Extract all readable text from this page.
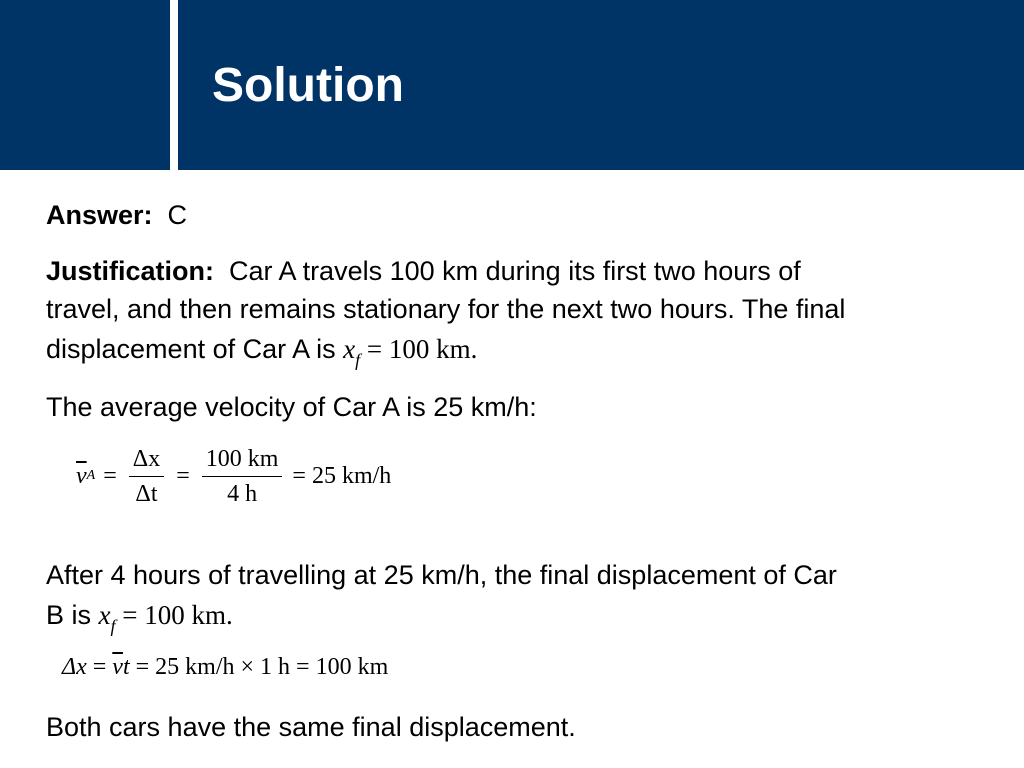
Solution
Answer: C
Justification: Car A travels 100 km during its first two hours of
travel, and then remains stationary for the next two hours. The final
displacement of Car A is $x_f = 100$ km.
The average velocity of Car A is 25 km/h:
$\overline{v}$ $A = \frac{\Delta x}{\Delta t} = \frac{100 km}{4 h} = 25$ km/h
After 4 hours of travelling at 25 km/h, the final displacement of Car
B is $x_f = 100$ km.
$\Delta x = \overline{v}t = 25$ km/h × 1 h = 100 km
Both cars have the same final displacement.
